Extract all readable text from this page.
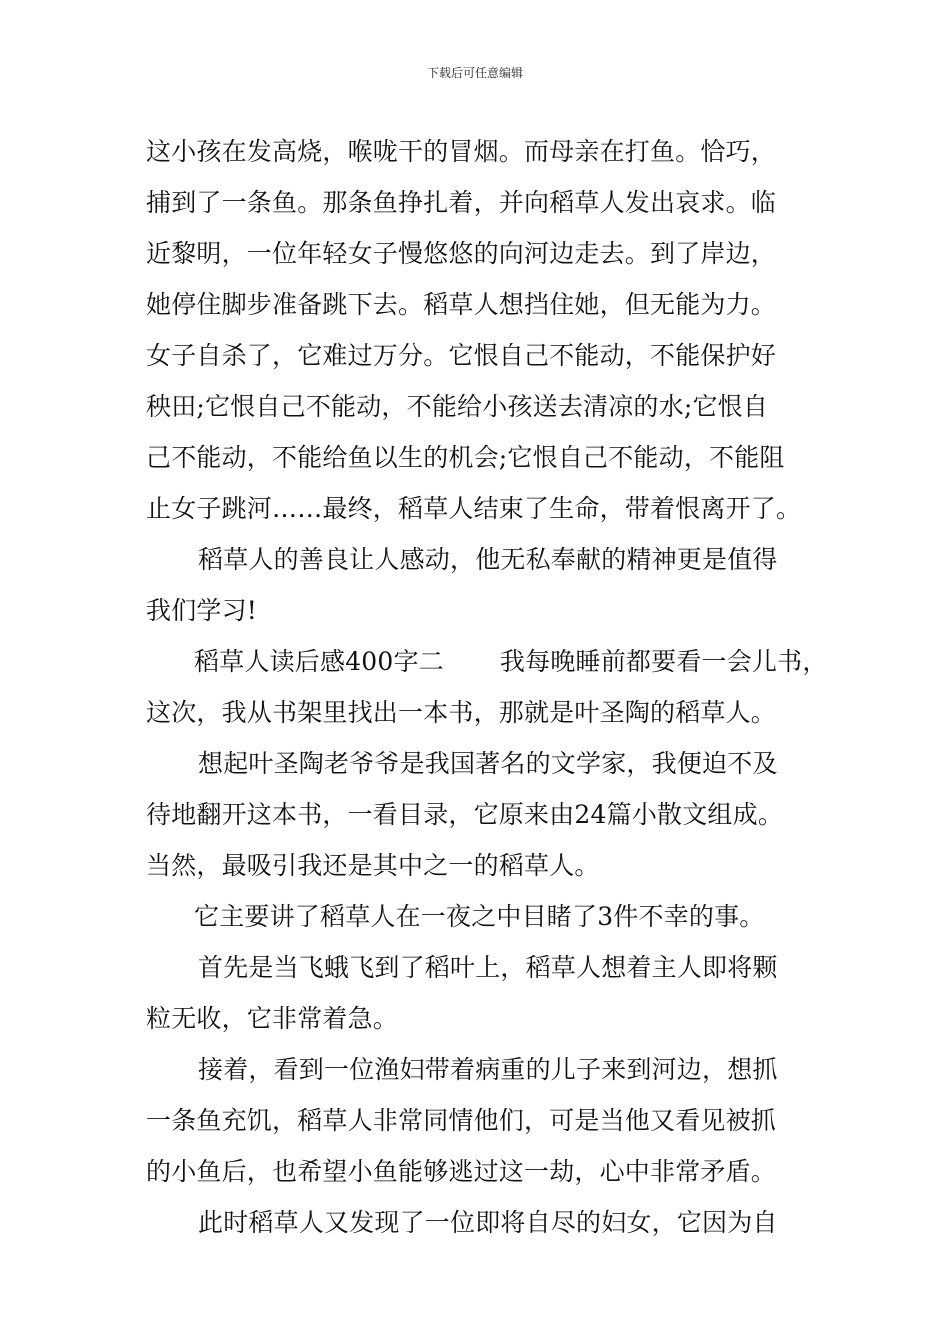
下载后可任意编辑
这小孩在发高烧，喉咙干的冒烟。而母亲在打鱼。恰巧，
捕到了一条鱼。那条鱼挣扎着，并向稻草人发出哀求。临
近黎明，一位年轻女子慢悠悠的向河边走去。到了岸边，
她停住脚步准备跳下去。稻草人想挡住她，但无能为力。
女子自杀了，它难过万分。它恨自己不能动，不能保护好
秧田;它恨自己不能动，不能给小孩送去清凉的水;它恨自
己不能动，不能给鱼以生的机会;它恨自己不能动，不能阻
止女子跳河……最终，稻草人结束了生命，带着恨离开了。
稻草人的善良让人感动，他无私奉献的精神更是值得
我们学习!
稻草人读后感400字二 我每晚睡前都要看一会儿书，
这次，我从书架里找出一本书，那就是叶圣陶的稻草人。
想起叶圣陶老爷爷是我国著名的文学家，我便迫不及
待地翻开这本书，一看目录，它原来由24篇小散文组成。
当然，最吸引我还是其中之一的稻草人。
它主要讲了稻草人在一夜之中目睹了3件不幸的事。
首先是当飞蛾飞到了稻叶上，稻草人想着主人即将颗
粒无收，它非常着急。
接着，看到一位渔妇带着病重的儿子来到河边，想抓
一条鱼充饥，稻草人非常同情他们，可是当他又看见被抓
的小鱼后，也希望小鱼能够逃过这一劫，心中非常矛盾。
此时稻草人又发现了一位即将自尽的妇女，它因为自
